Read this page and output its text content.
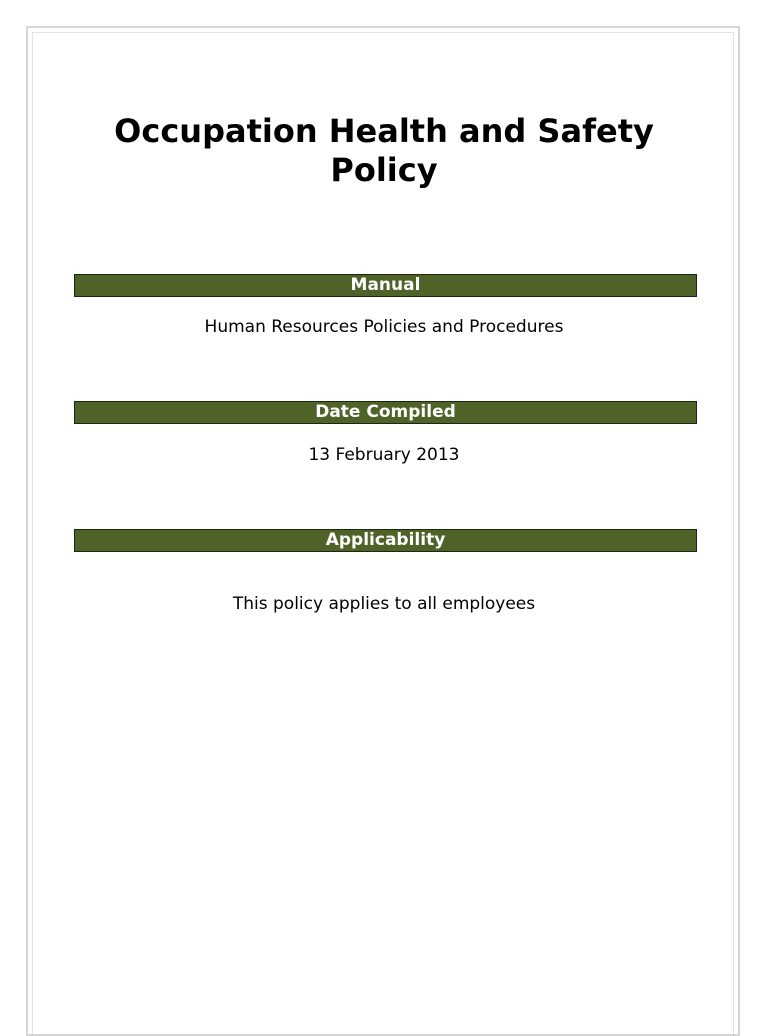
Occupation Health and Safety
Policy
Manual
Human Resources Policies and Procedures
Date Compiled
13 February 2013
Applicability
This policy applies to all employees
